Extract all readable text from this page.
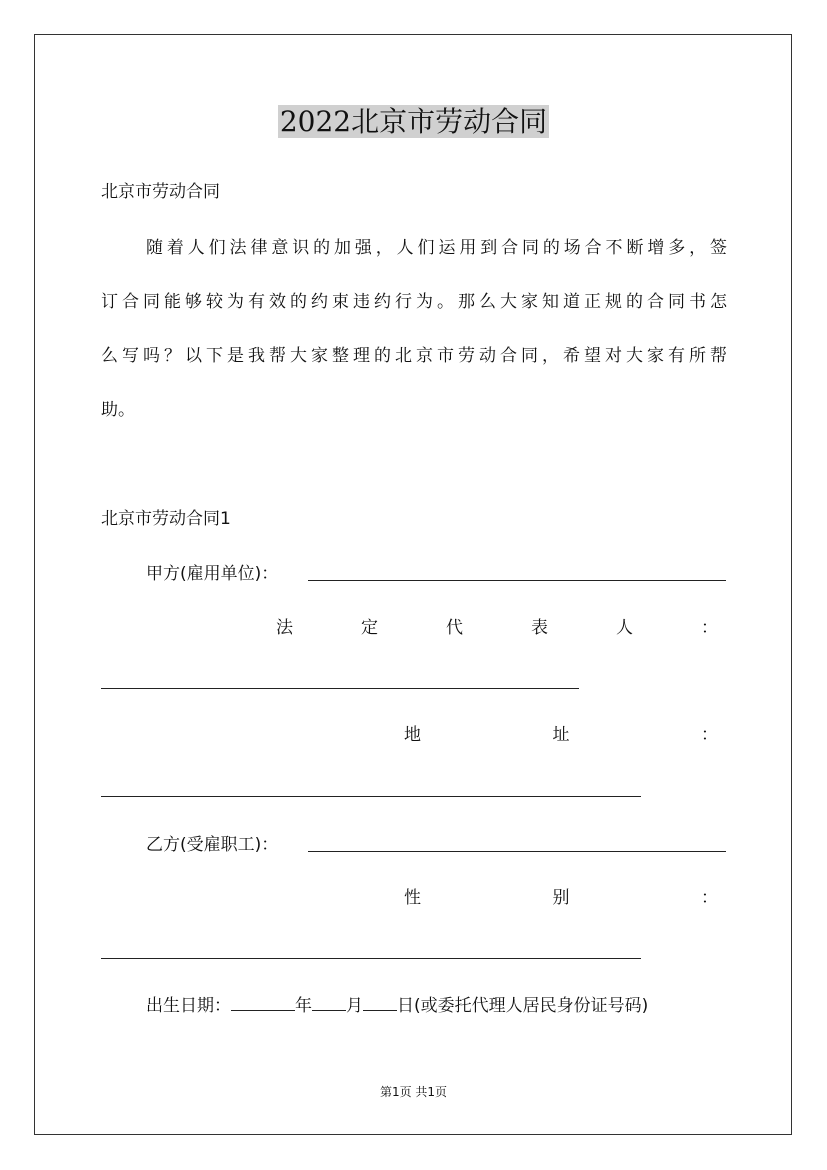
2022北京市劳动合同
北京市劳动合同
随着人们法律意识的加强，人们运用到合同的场合不断增多，签
订合同能够较为有效的约束违约行为。那么大家知道正规的合同书怎
么写吗？以下是我帮大家整理的北京市劳动合同，希望对大家有所帮
助。
北京市劳动合同1
甲方(雇用单位)：
法	定	代	表	人	：
地	址	：
乙方(受雇职工)：
性	别	：
出生日期：	年 月 日(或委托代理人居民身份证号码)
第1页 共1页
